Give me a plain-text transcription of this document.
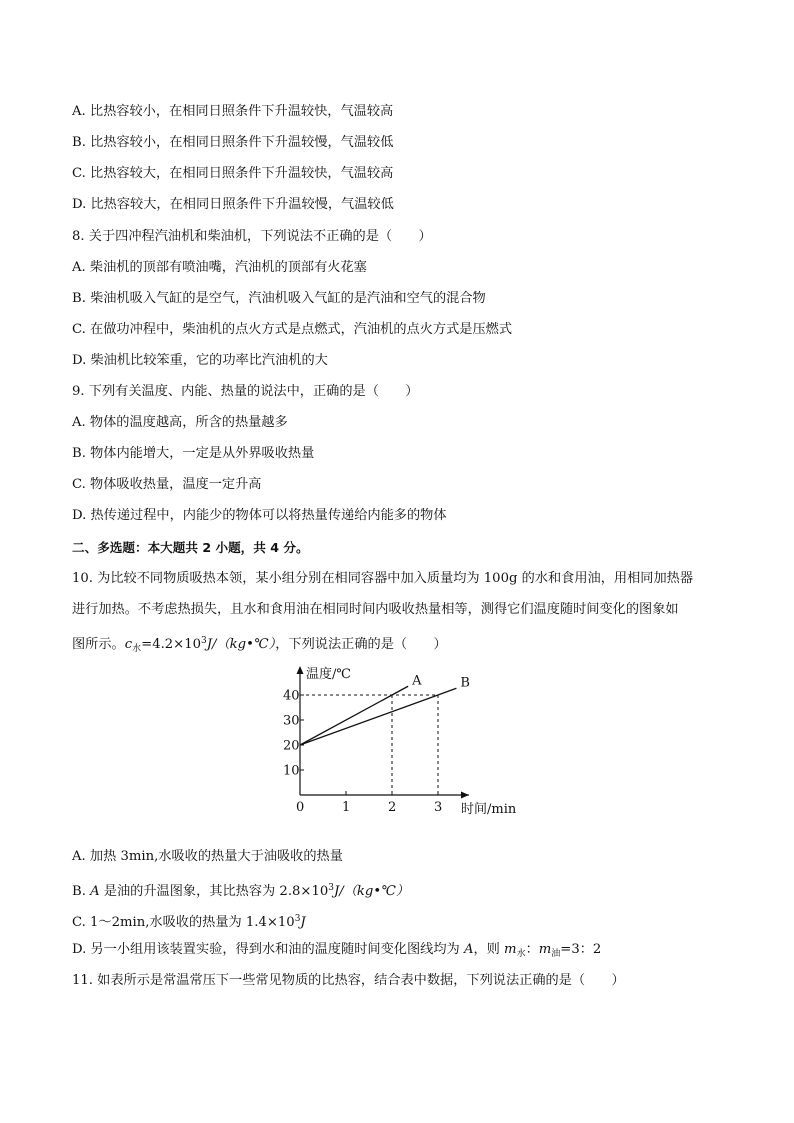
A. 比热容较小，在相同日照条件下升温较快，气温较高
B. 比热容较小，在相同日照条件下升温较慢，气温较低
C. 比热容较大，在相同日照条件下升温较快，气温较高
D. 比热容较大，在相同日照条件下升温较慢，气温较低
8. 关于四冲程汽油机和柴油机，下列说法不正确的是（　　）
A. 柴油机的顶部有喷油嘴，汽油机的顶部有火花塞
B. 柴油机吸入气缸的是空气，汽油机吸入气缸的是汽油和空气的混合物
C. 在做功冲程中，柴油机的点火方式是点燃式，汽油机的点火方式是压燃式
D. 柴油机比较笨重，它的功率比汽油机的大
9. 下列有关温度、内能、热量的说法中，正确的是（　　）
A. 物体的温度越高，所含的热量越多
B. 物体内能增大，一定是从外界吸收热量
C. 物体吸收热量，温度一定升高
D. 热传递过程中，内能少的物体可以将热量传递给内能多的物体
二、多选题：本大题共 2 小题，共 4 分。
10. 为比较不同物质吸热本领，某小组分别在相同容器中加入质量均为 100g 的水和食用油，用相同加热器
进行加热。不考虑热损失，且水和食用油在相同时间内吸收热量相等，测得它们温度随时间变化的图象如
图所示。$c_水=4.2\times 10^3J/(kg•℃)$，下列说法正确的是（　　）
温度/℃
时间/min
0	1	2	3
10
20
30
40
A	B
A. 加热 3min,水吸收的热量大于油吸收的热量
B. A 是油的升温图象，其比热容为 $2.8\times 10^3J/(kg•℃)$
C. 1～2min,水吸收的热量为 $1.4\times 10^3J$
D. 另一小组用该装置实验，得到水和油的温度随时间变化图线均为 A，则 $m_水$：$m_油=3$：2
11. 如表所示是常温常压下一些常见物质的比热容，结合表中数据，下列说法正确的是（　　）
